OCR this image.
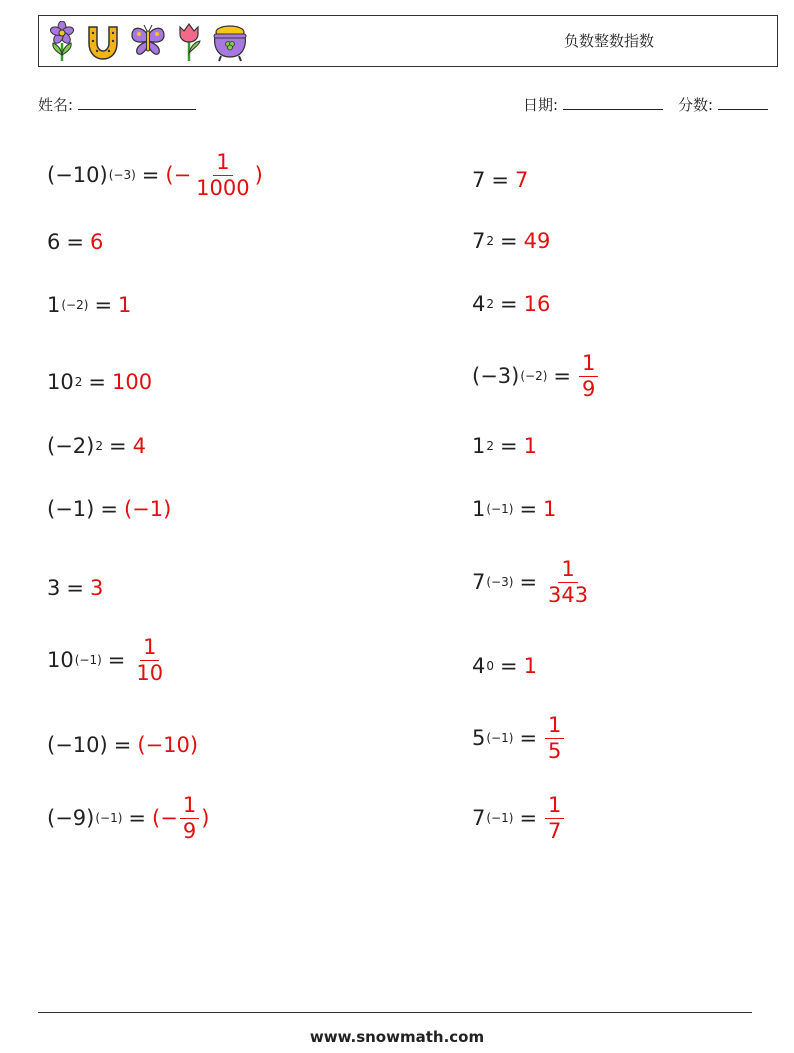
负数整数指数
姓名:	日期:	分数:
(−10) (−3) = (− $\frac{1}{1000}$ )
6 = 6
1 (−2) = 1
10 2 = 100
(−2) 2 = 4
(−1) = (−1)
3 = 3
10 $(-1) = \frac{1}{10}$
(−10) = (−10)
(−9) (−1) = (− $\frac{1}{9}$ )
7 = 7
7 2 = 49
4 2 = 16
(−3) $(-2) = \frac{1}{9}$
1 2 = 1
1 (−1) = 1
7 $(-3) = \frac{1}{343}$
4 0 = 1
5 $(-1) = \frac{1}{5}$
7 $(-1) = \frac{1}{7}$
www.snowmath.com
